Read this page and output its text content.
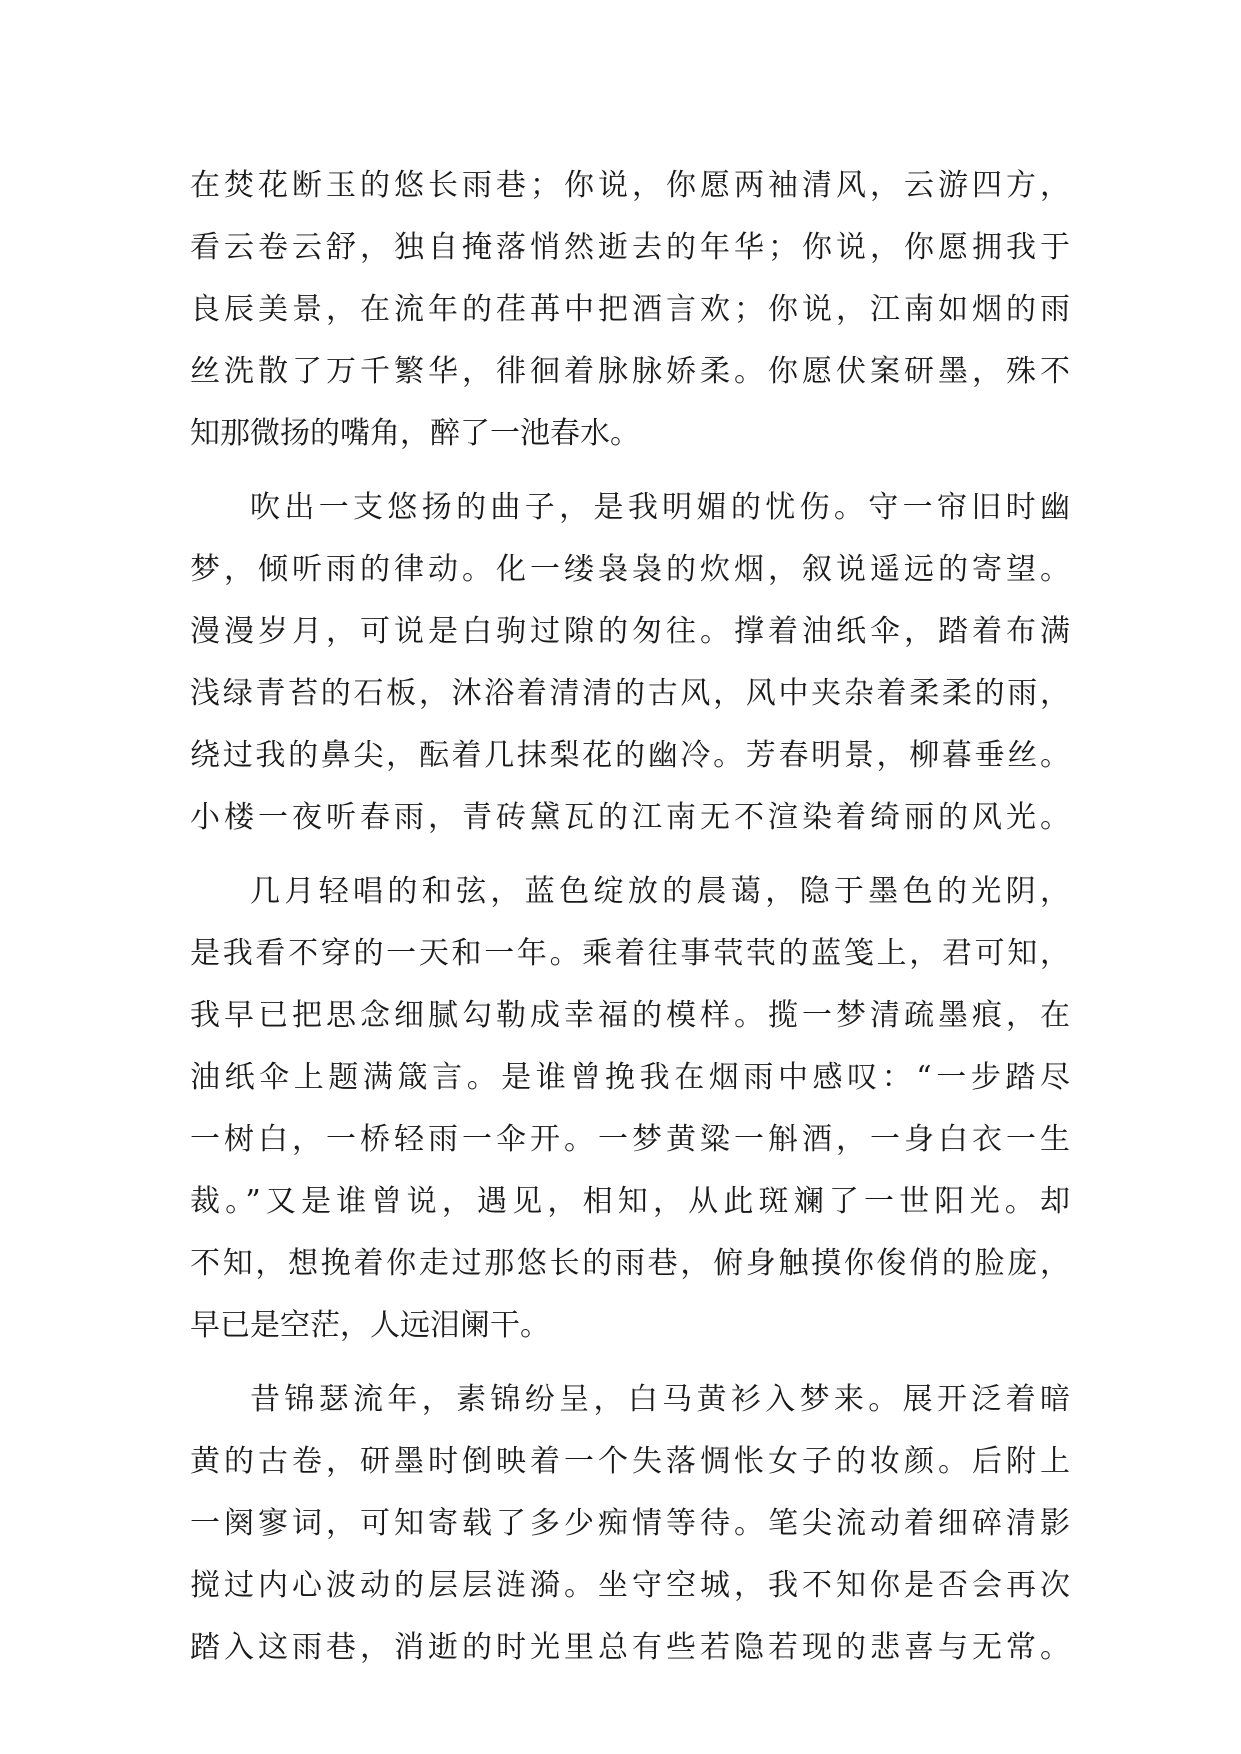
在焚花断玉的悠长雨巷；你说，你愿两袖清风，云游四方，
看云卷云舒，独自掩落悄然逝去的年华；你说，你愿拥我于
良辰美景，在流年的荏苒中把酒言欢；你说，江南如烟的雨
丝洗散了万千繁华，徘徊着脉脉娇柔。你愿伏案研墨，殊不
知那微扬的嘴角，醉了一池春水。
吹出一支悠扬的曲子，是我明媚的忧伤。守一帘旧时幽
梦，倾听雨的律动。化一缕袅袅的炊烟，叙说遥远的寄望。
漫漫岁月，可说是白驹过隙的匆往。撑着油纸伞，踏着布满
浅绿青苔的石板，沐浴着清清的古风，风中夹杂着柔柔的雨，
绕过我的鼻尖，酝着几抹梨花的幽冷。芳春明景，柳暮垂丝。
小楼一夜听春雨，青砖黛瓦的江南无不渲染着绮丽的风光。
几月轻唱的和弦，蓝色绽放的晨蔼，隐于墨色的光阴，
是我看不穿的一天和一年。乘着往事茕茕的蓝笺上，君可知，
我早已把思念细腻勾勒成幸福的模样。揽一梦清疏墨痕，在
油纸伞上题满箴言。是谁曾挽我在烟雨中感叹：“一步踏尽
一树白，一桥轻雨一伞开。一梦黄粱一斛酒，一身白衣一生
裁。”又是谁曾说，遇见，相知，从此斑斓了一世阳光。却
不知，想挽着你走过那悠长的雨巷，俯身触摸你俊俏的脸庞，
早已是空茫，人远泪阑干。
昔锦瑟流年，素锦纷呈，白马黄衫入梦来。展开泛着暗
黄的古卷，研墨时倒映着一个失落惆怅女子的妆颜。后附上
一阕寥词，可知寄载了多少痴情等待。笔尖流动着细碎清影
搅过内心波动的层层涟漪。坐守空城，我不知你是否会再次
踏入这雨巷，消逝的时光里总有些若隐若现的悲喜与无常。
